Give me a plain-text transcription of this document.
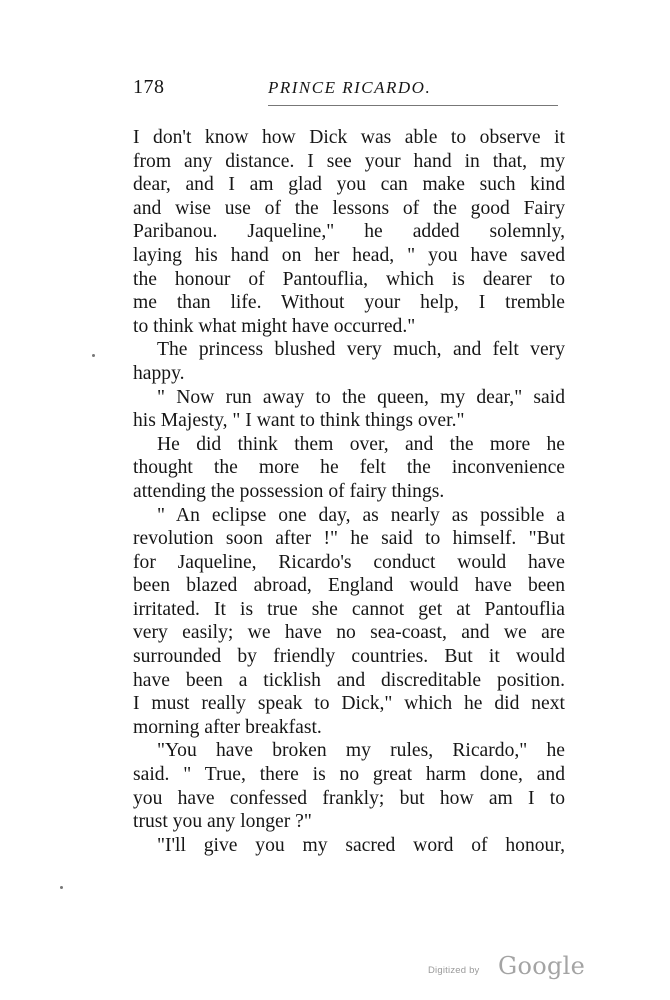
178	PRINCE RICARDO.
I don't know how Dick was able to observe it
from any distance. I see your hand in that, my
dear, and I am glad you can make such kind
and wise use of the lessons of the good Fairy
Paribanou. Jaqueline," he added solemnly,
laying his hand on her head, " you have saved
the honour of Pantouflia, which is dearer to
me than life. Without your help, I tremble
to think what might have occurred."
The princess blushed very much, and felt very
happy.
" Now run away to the queen, my dear," said
his Majesty, " I want to think things over."
He did think them over, and the more he
thought the more he felt the inconvenience
attending the possession of fairy things.
" An eclipse one day, as nearly as possible a
revolution soon after !" he said to himself. "But
for Jaqueline, Ricardo's conduct would have
been blazed abroad, England would have been
irritated. It is true she cannot get at Pantouflia
very easily; we have no sea-coast, and we are
surrounded by friendly countries. But it would
have been a ticklish and discreditable position.
I must really speak to Dick," which he did next
morning after breakfast.
"You have broken my rules, Ricardo," he
said. " True, there is no great harm done, and
you have confessed frankly; but how am I to
trust you any longer ?"
"I'll give you my sacred word of honour,
Digitized by Google
